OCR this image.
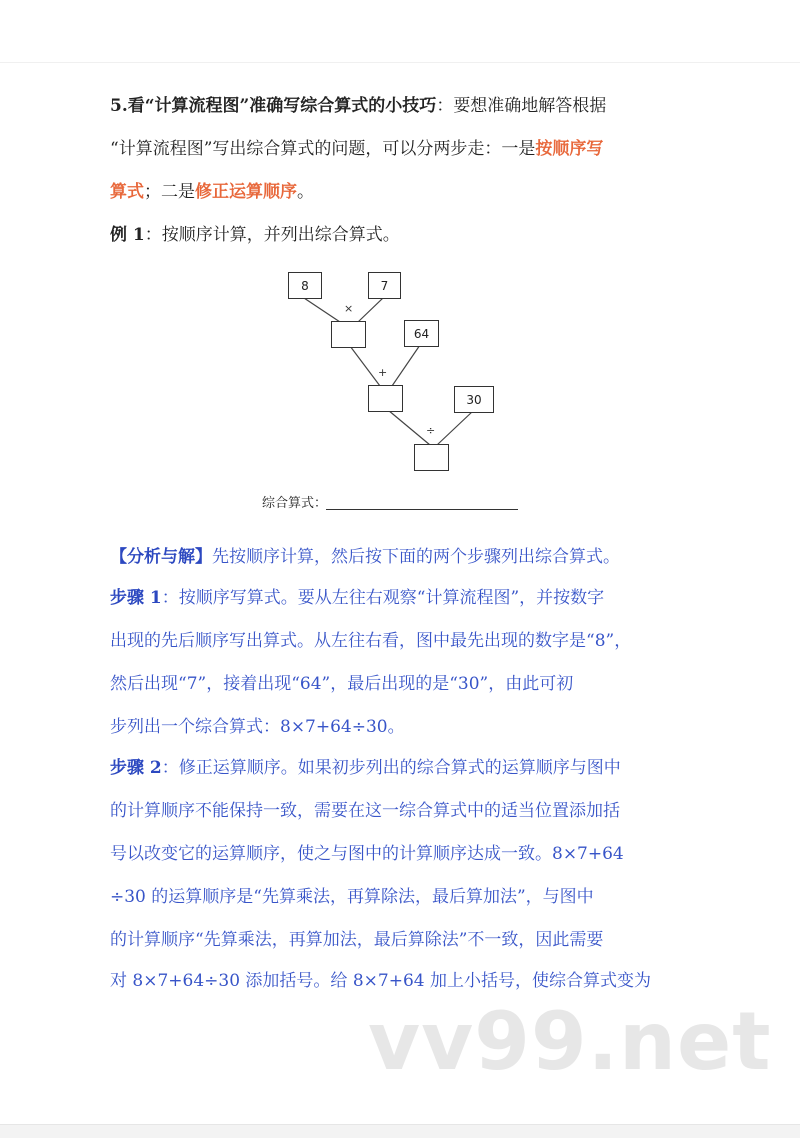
5.看“计算流程图”准确写综合算式的小技巧：要想准确地解答根据
“计算流程图”写出综合算式的问题，可以分两步走：一是按顺序写
算式；二是修正运算顺序。
例 1：按顺序计算，并列出综合算式。
8	7
×
64
+
30
÷
综合算式：
【分析与解】先按顺序计算，然后按下面的两个步骤列出综合算式。
步骤 1：按顺序写算式。要从左往右观察“计算流程图”，并按数字
出现的先后顺序写出算式。从左往右看，图中最先出现的数字是“8”，
然后出现“7”，接着出现“64”，最后出现的是“30”，由此可初
步列出一个综合算式：8×7+64÷30。
步骤 2：修正运算顺序。如果初步列出的综合算式的运算顺序与图中
的计算顺序不能保持一致，需要在这一综合算式中的适当位置添加括
号以改变它的运算顺序，使之与图中的计算顺序达成一致。8×7+64
÷30 的运算顺序是“先算乘法，再算除法，最后算加法”，与图中
的计算顺序“先算乘法，再算加法，最后算除法”不一致，因此需要
对 8×7+64÷30 添加括号。给 8×7+64 加上小括号，使综合算式变为
vv99.net
